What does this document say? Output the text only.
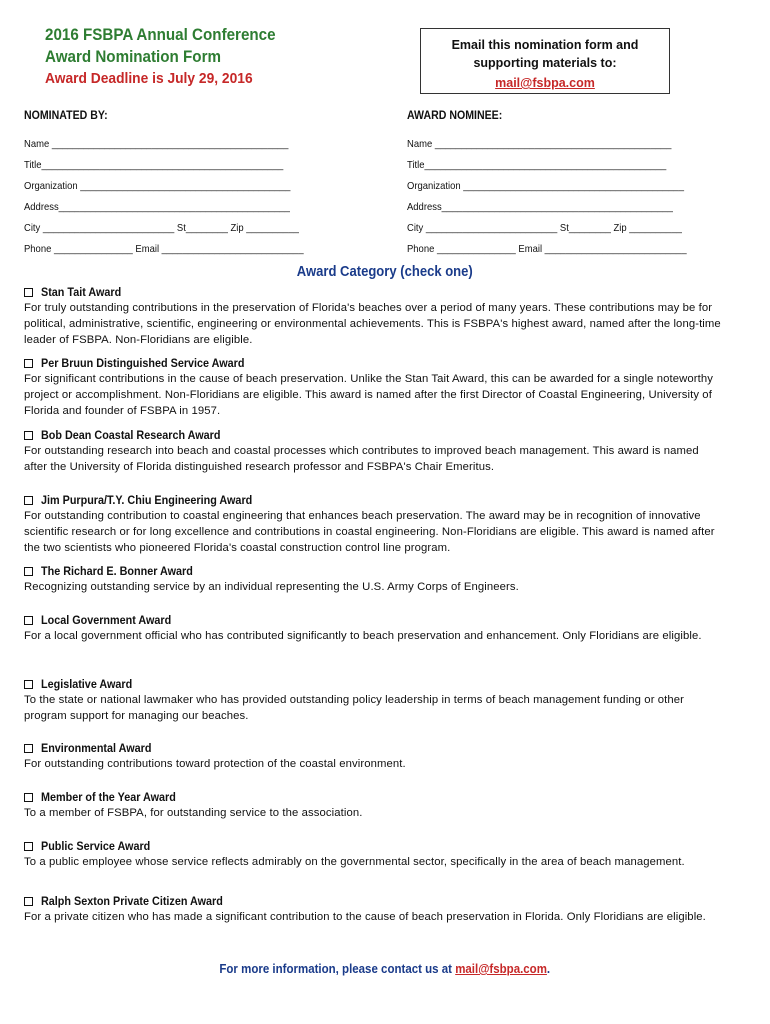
2016 FSBPA Annual Conference
Award Nomination Form
Award Deadline is July 29, 2016
Email this nomination form and
supporting materials to:
mail@fsbpa.com
NOMINATED BY:
Name _____________________________________________
Title______________________________________________
Organization ________________________________________
Address____________________________________________
City _________________________ St________ Zip __________
Phone _______________ Email ___________________________
AWARD NOMINEE:
Name _____________________________________________
Title______________________________________________
Organization __________________________________________
Address____________________________________________
City _________________________ St________ Zip __________
Phone _______________ Email ___________________________
Award Category (check one)
Stan Tait Award
For truly outstanding contributions in the preservation of Florida's beaches over a period of many years. These contributions may be for political, administrative, scientific, engineering or environmental achievements. This is FSBPA's highest award, named after the long-time leader of FSBPA. Non-Floridians are eligible.
Per Bruun Distinguished Service Award
For significant contributions in the cause of beach preservation. Unlike the Stan Tait Award, this can be awarded for a single noteworthy project or accomplishment. Non-Floridians are eligible. This award is named after the first Director of Coastal Engineering, University of Florida and founder of FSBPA in 1957.
Bob Dean Coastal Research Award
For outstanding research into beach and coastal processes which contributes to improved beach management. This award is named after the University of Florida distinguished research professor and FSBPA's Chair Emeritus.
Jim Purpura/T.Y. Chiu Engineering Award
For outstanding contribution to coastal engineering that enhances beach preservation. The award may be in recognition of innovative scientific research or for long excellence and contributions in coastal engineering. Non-Floridians are eligible. This award is named after the two scientists who pioneered Florida's coastal construction control line program.
The Richard E. Bonner Award
Recognizing outstanding service by an individual representing the U.S. Army Corps of Engineers.
Local Government Award
For a local government official who has contributed significantly to beach preservation and enhancement. Only Floridians are eligible.
Legislative Award
To the state or national lawmaker who has provided outstanding policy leadership in terms of beach management funding or other program support for managing our beaches.
Environmental Award
For outstanding contributions toward protection of the coastal environment.
Member of the Year Award
To a member of FSBPA, for outstanding service to the association.
Public Service Award
To a public employee whose service reflects admirably on the governmental sector, specifically in the area of beach management.
Ralph Sexton Private Citizen Award
For a private citizen who has made a significant contribution to the cause of beach preservation in Florida. Only Floridians are eligible.
For more information, please contact us at mail@fsbpa.com.
